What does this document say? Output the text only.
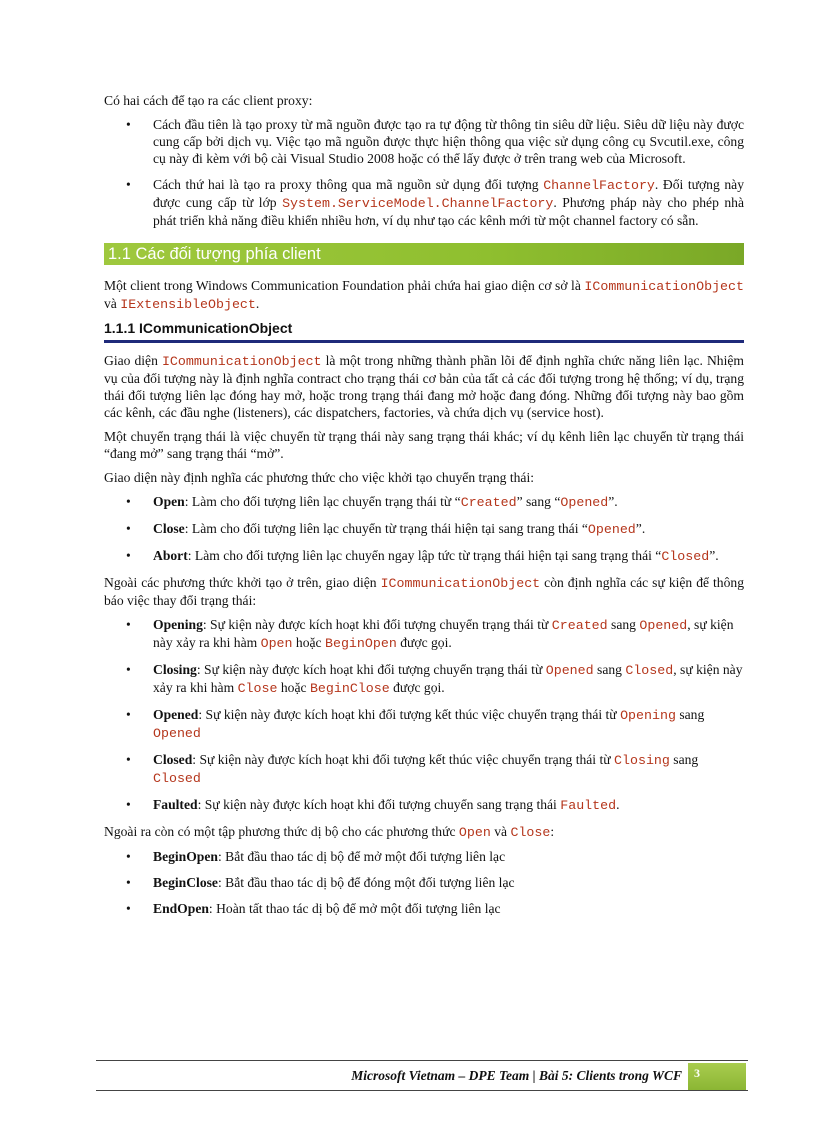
Có hai cách để tạo ra các client proxy:

• Cách đầu tiên là tạo proxy từ mã nguồn được tạo ra tự động từ thông tin siêu dữ liệu. Siêu dữ liệu này được cung cấp bởi dịch vụ. Việc tạo mã nguồn được thực hiện thông qua việc sử dụng công cụ Svcutil.exe, công cụ này đi kèm với bộ cài Visual Studio 2008 hoặc có thể lấy được ở trên trang web của Microsoft.
• Cách thứ hai là tạo ra proxy thông qua mã nguồn sử dụng đối tượng ChannelFactory. Đối tượng này được cung cấp từ lớp System.ServiceModel.ChannelFactory. Phương pháp này cho phép nhà phát triển khả năng điều khiển nhiều hơn, ví dụ như tạo các kênh mới từ một channel factory có sẵn.
1.1 Các đối tượng phía client

Một client trong Windows Communication Foundation phải chứa hai giao diện cơ sở là ICommunicationObject và IExtensibleObject.

1.1.1 ICommunicationObject

Giao diện ICommunicationObject là một trong những thành phần lõi để định nghĩa chức năng liên lạc. Nhiệm vụ của đối tượng này là định nghĩa contract cho trạng thái cơ bản của tất cả các đối tượng trong hệ thống; ví dụ, trạng thái đối tượng liên lạc đóng hay mở, hoặc trong trạng thái đang mở hoặc đang đóng. Những đối tượng này bao gồm các kênh, các đầu nghe (listeners), các dispatchers, factories, và chứa dịch vụ (service host).

Một chuyển trạng thái là việc chuyển từ trạng thái này sang trạng thái khác; ví dụ kênh liên lạc chuyển từ trạng thái “đang mở” sang trạng thái “mở”.

Giao diện này định nghĩa các phương thức cho việc khởi tạo chuyển trạng thái:

• Open: Làm cho đối tượng liên lạc chuyển trạng thái từ “Created” sang “Opened”.
• Close: Làm cho đối tượng liên lạc chuyển từ trạng thái hiện tại sang trang thái “Opened”.
• Abort: Làm cho đối tượng liên lạc chuyển ngay lập tức từ trạng thái hiện tại sang trạng thái “Closed”.

Ngoài các phương thức khởi tạo ở trên, giao diện ICommunicationObject còn định nghĩa các sự kiện để thông báo việc thay đổi trạng thái:

• Opening: Sự kiện này được kích hoạt khi đối tượng chuyển trạng thái từ Created sang Opened, sự kiện này xảy ra khi hàm Open hoặc BeginOpen được gọi.
• Closing: Sự kiện này được kích hoạt khi đối tượng chuyển trạng thái từ Opened sang Closed, sự kiện này xảy ra khi hàm Close hoặc BeginClose được gọi.
• Opened: Sự kiện này được kích hoạt khi đối tượng kết thúc việc chuyển trạng thái từ Opening sang Opened
• Closed: Sự kiện này được kích hoạt khi đối tượng kết thúc việc chuyển trạng thái từ Closing sang Closed
• Faulted: Sự kiện này được kích hoạt khi đối tượng chuyển sang trạng thái Faulted.

Ngoài ra còn có một tập phương thức dị bộ cho các phương thức Open và Close:

• BeginOpen: Bắt đầu thao tác dị bộ để mở một đối tượng liên lạc
• BeginClose: Bắt đầu thao tác dị bộ để đóng một đối tượng liên lạc
• EndOpen: Hoàn tất thao tác dị bộ để mở một đối tượng liên lạc
Microsoft Vietnam – DPE Team | Bài 5: Clients trong WCF	3
